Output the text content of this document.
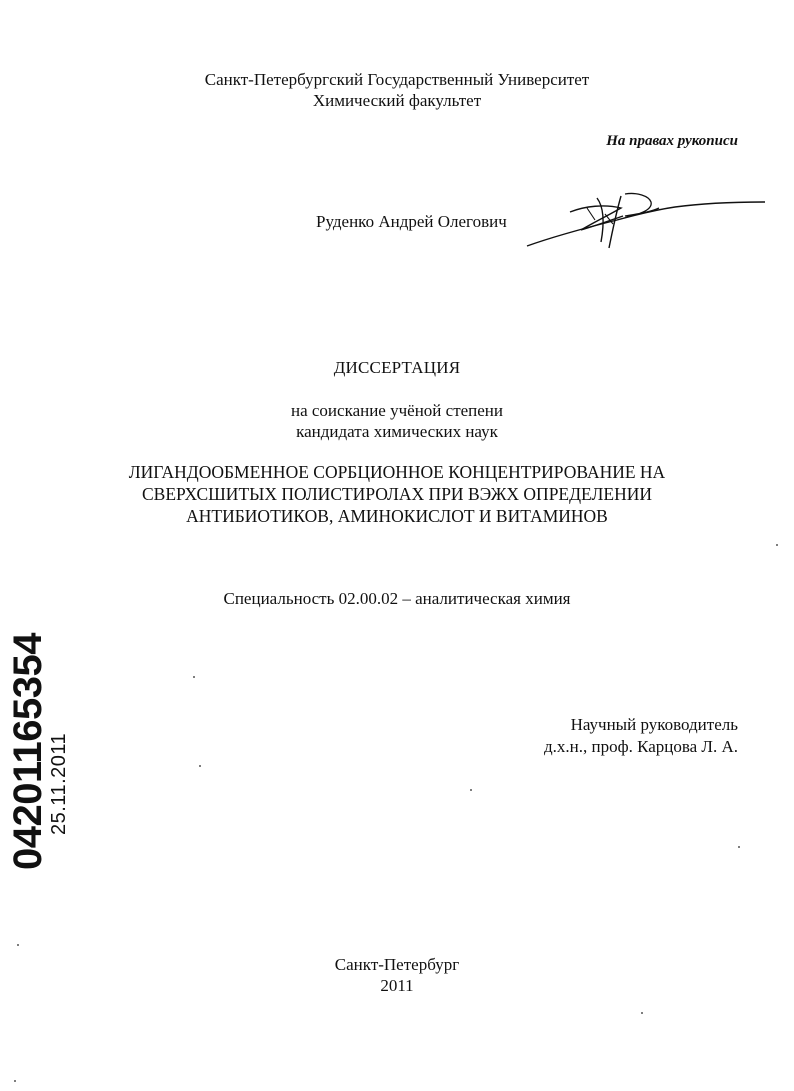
Санкт-Петербургский Государственный Университет
Химический факультет
На правах рукописи
Руденко Андрей Олегович
ДИССЕРТАЦИЯ
на соискание учёной степени
кандидата химических наук
ЛИГАНДООБМЕННОЕ СОРБЦИОННОЕ КОНЦЕНТРИРОВАНИЕ НА
СВЕРХСШИТЫХ ПОЛИСТИРОЛАХ ПРИ ВЭЖХ ОПРЕДЕЛЕНИИ
АНТИБИОТИКОВ, АМИНОКИСЛОТ И ВИТАМИНОВ
Специальность 02.00.02 – аналитическая химия
Научный руководитель
д.х.н., проф. Карцова Л. А.
Санкт-Петербург
2011
04201165354
25.11.2011
